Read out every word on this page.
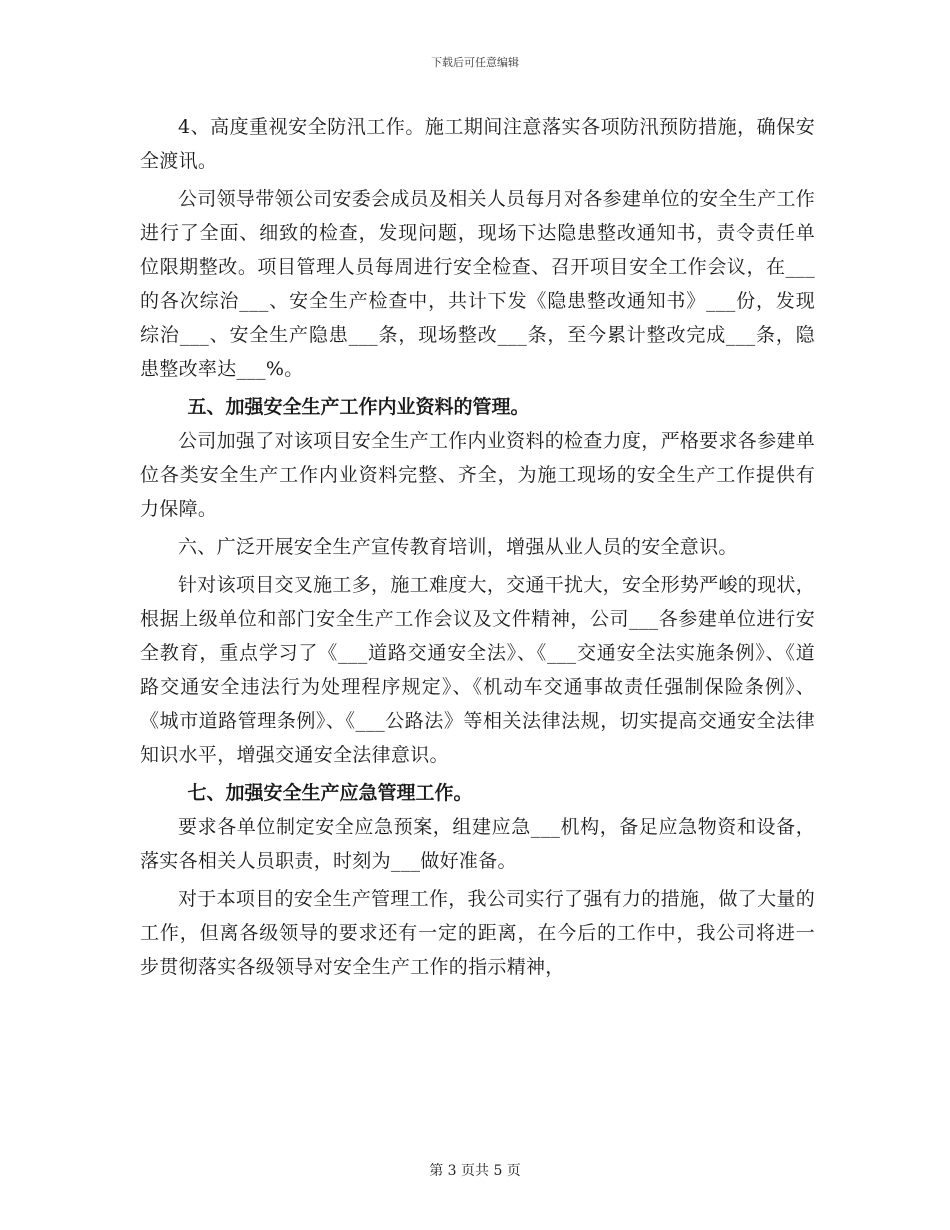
下载后可任意编辑

4、高度重视安全防汛工作。施工期间注意落实各项防汛预防措施，确保安全渡讯。

公司领导带领公司安委会成员及相关人员每月对各参建单位的安全生产工作进行了全面、细致的检查，发现问题，现场下达隐患整改通知书，责令责任单位限期整改。项目管理人员每周进行安全检查、召开项目安全工作会议，在___的各次综治___、安全生产检查中，共计下发《隐患整改通知书》___份，发现综治___、安全生产隐患___条，现场整改___条，至今累计整改完成___条，隐患整改率达___%。

五、加强安全生产工作内业资料的管理。

公司加强了对该项目安全生产工作内业资料的检查力度，严格要求各参建单位各类安全生产工作内业资料完整、齐全，为施工现场的安全生产工作提供有力保障。

六、广泛开展安全生产宣传教育培训，增强从业人员的安全意识。

针对该项目交叉施工多，施工难度大，交通干扰大，安全形势严峻的现状，根据上级单位和部门安全生产工作会议及文件精神，公司___各参建单位进行安全教育，重点学习了《___道路交通安全法》、《___交通安全法实施条例》、《道路交通安全违法行为处理程序规定》、《机动车交通事故责任强制保险条例》、《城市道路管理条例》、《___公路法》等相关法律法规，切实提高交通安全法律知识水平，增强交通安全法律意识。

七、加强安全生产应急管理工作。

要求各单位制定安全应急预案，组建应急___机构，备足应急物资和设备，落实各相关人员职责，时刻为___做好准备。

对于本项目的安全生产管理工作，我公司实行了强有力的措施，做了大量的工作，但离各级领导的要求还有一定的距离，在今后的工作中，我公司将进一步贯彻落实各级领导对安全生产工作的指示精神，

第 3 页共 5 页
